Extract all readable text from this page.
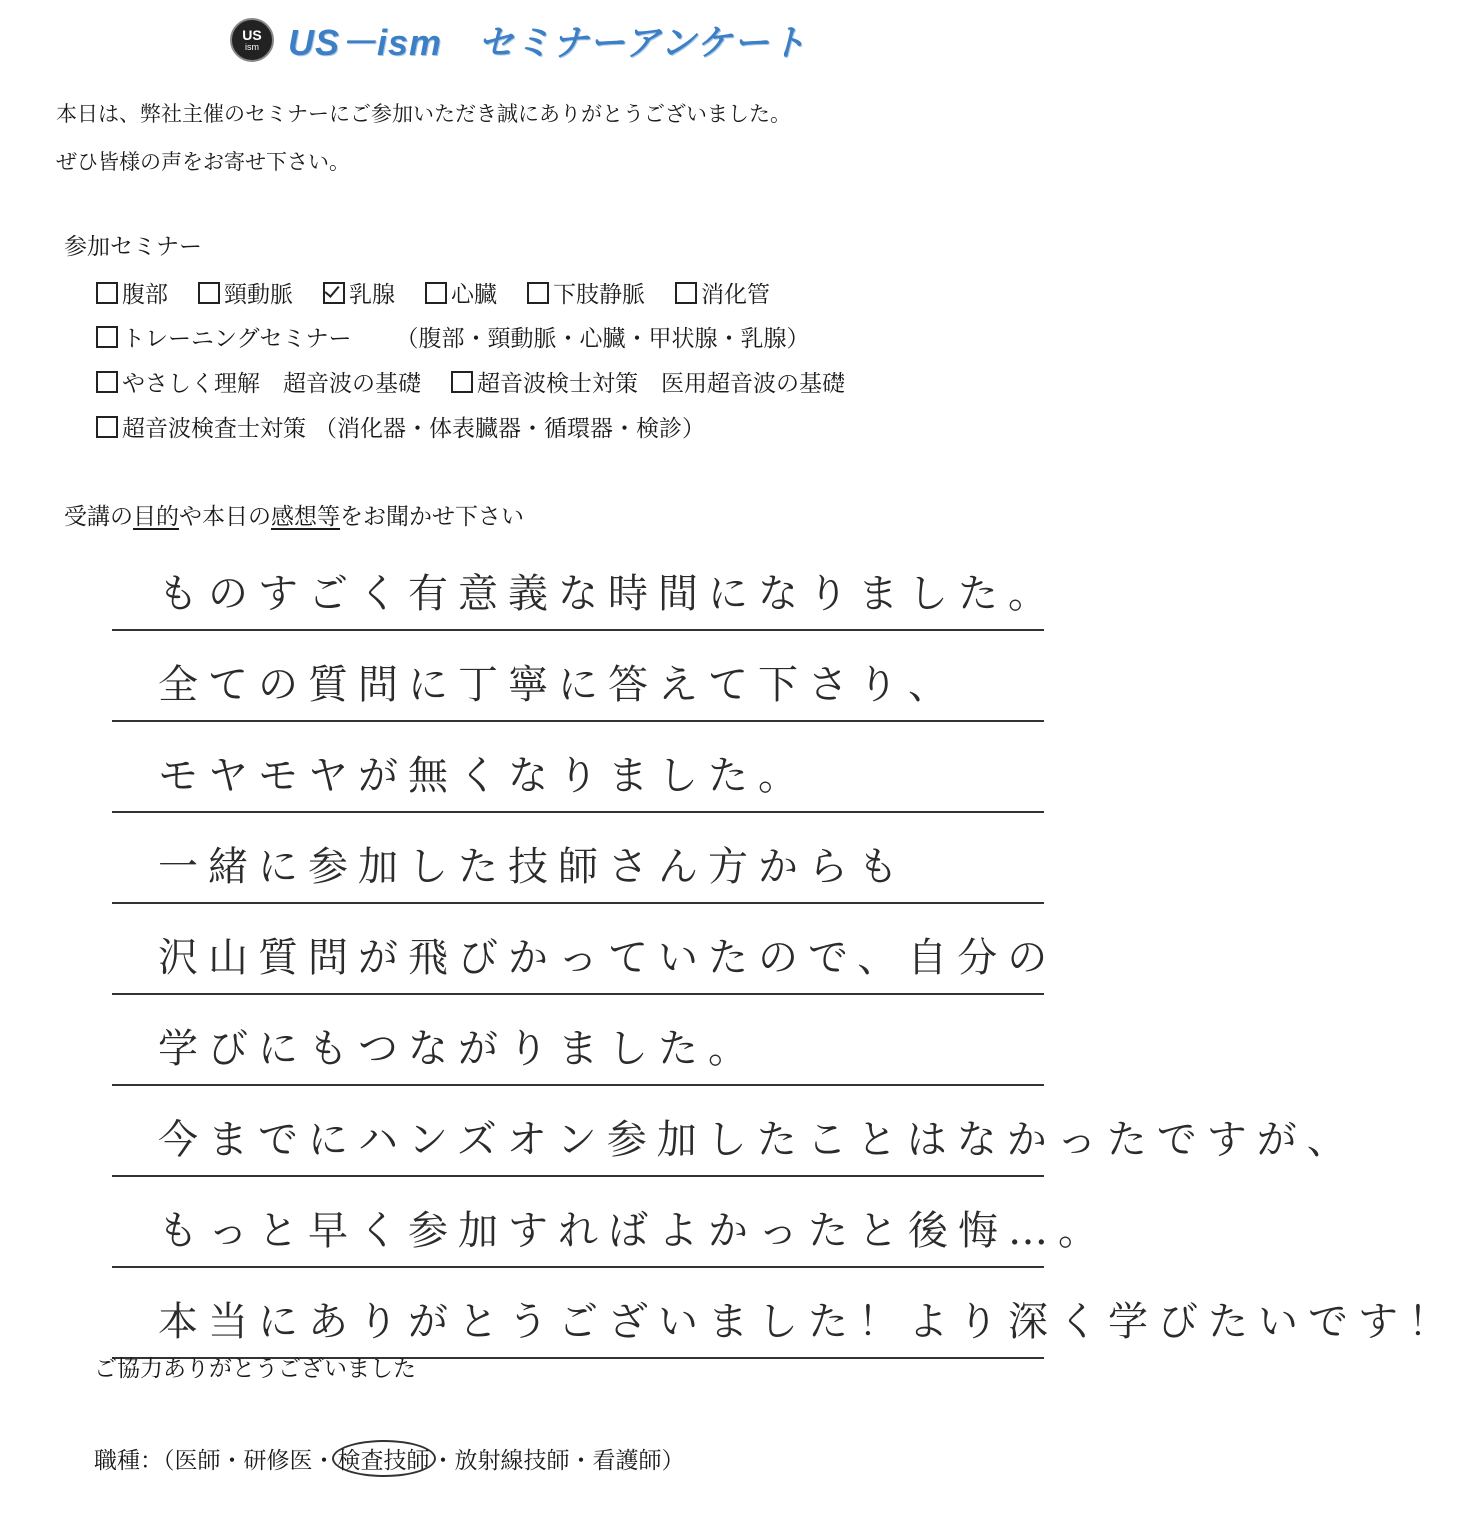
US
ism US－ism セミナーアンケート
本日は、弊社主催のセミナーにご参加いただき誠にありがとうございました。
ぜひ皆様の声をお寄せ下さい。
参加セミナー
腹部 頸動脈 乳腺 心臓 下肢静脈 消化管
トレーニングセミナー （腹部・頸動脈・心臓・甲状腺・乳腺）
やさしく理解　超音波の基礎 超音波検士対策　医用超音波の基礎
超音波検査士対策 （消化器・体表臓器・循環器・検診）
受講の目的や本日の感想等をお聞かせ下さい
ものすごく有意義な時間になりました。
全ての質問に丁寧に答えて下さり、
モヤモヤが無くなりました。
一緒に参加した技師さん方からも
沢山質問が飛びかっていたので、自分の
学びにもつながりました。
今までにハンズオン参加したことはなかったですが、
もっと早く参加すればよかったと後悔…。
本当にありがとうございました！より深く学びたいです！
ご協力ありがとうございました
職種：（医師・研修医・検査技師・放射線技師・看護師）
